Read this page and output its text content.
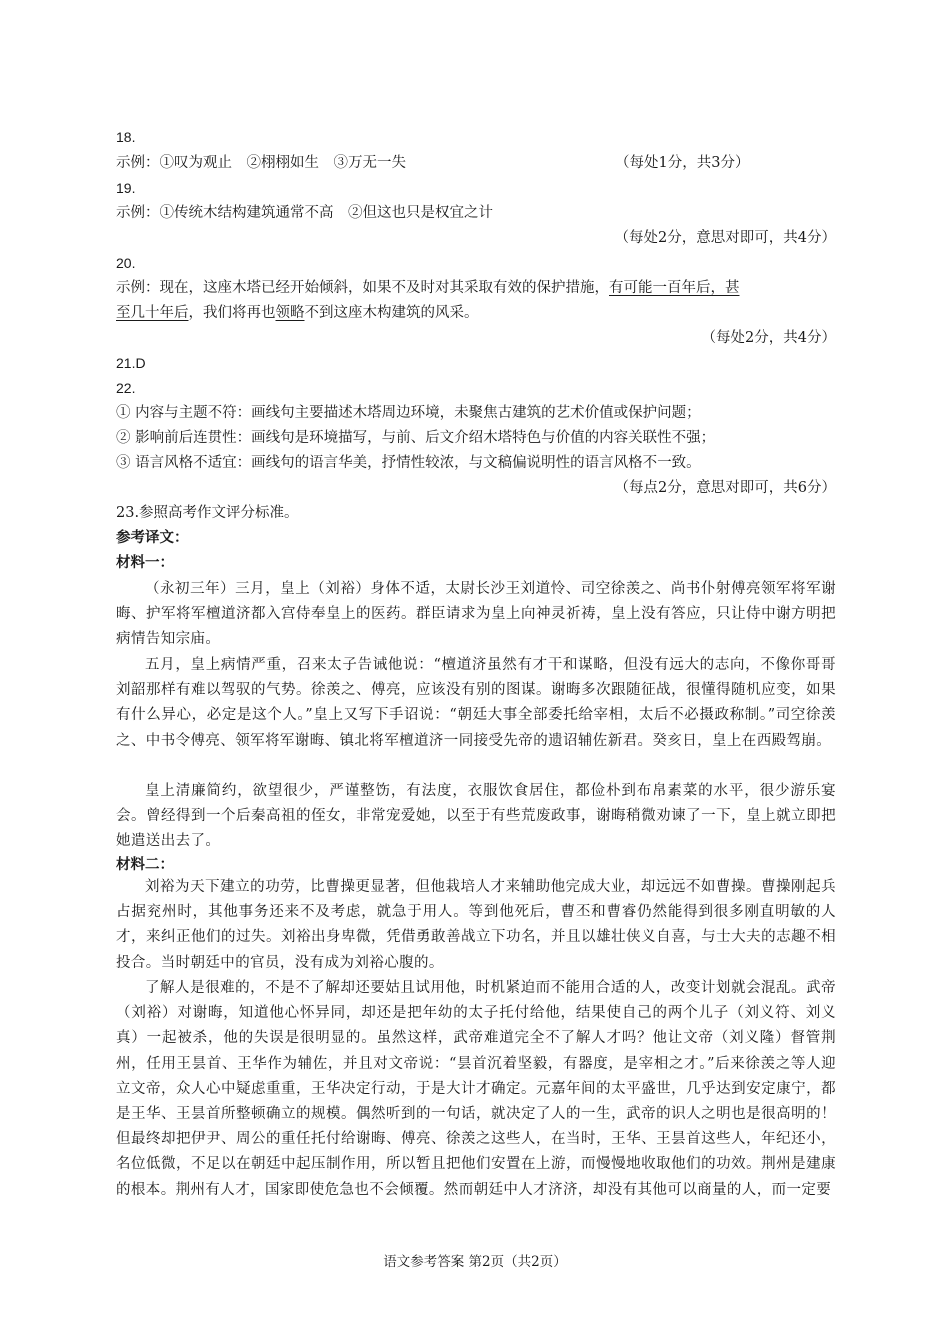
18.
示例：①叹为观止　②栩栩如生　③万无一失	（每处1分，共3分）
19.
示例：①传统木结构建筑通常不高　②但这也只是权宜之计
（每处2分，意思对即可，共4分）
20.
示例：现在，这座木塔已经开始倾斜，如果不及时对其采取有效的保护措施，有可能一百年后，甚
至几十年后，我们将再也领略不到这座木构建筑的风采。
（每处2分，共4分）
21.D
22.
① 内容与主题不符：画线句主要描述木塔周边环境，未聚焦古建筑的艺术价值或保护问题；
② 影响前后连贯性：画线句是环境描写，与前、后文介绍木塔特色与价值的内容关联性不强；
③ 语言风格不适宜：画线句的语言华美，抒情性较浓，与文稿偏说明性的语言风格不一致。
（每点2分，意思对即可，共6分）
23.参照高考作文评分标准。
参考译文：
材料一：
（永初三年）三月，皇上（刘裕）身体不适，太尉长沙王刘道怜、司空徐羡之、尚书仆射傅亮领军将军谢晦、护军将军檀道济都入宫侍奉皇上的医药。群臣请求为皇上向神灵祈祷，皇上没有答应，只让侍中谢方明把病情告知宗庙。
五月，皇上病情严重，召来太子告诫他说：“檀道济虽然有才干和谋略，但没有远大的志向，不像你哥哥刘韶那样有难以驾驭的气势。徐羡之、傅亮，应该没有别的图谋。谢晦多次跟随征战，很懂得随机应变，如果有什么异心，必定是这个人。”皇上又写下手诏说：“朝廷大事全部委托给宰相，太后不必摄政称制。”司空徐羡之、中书令傅亮、领军将军谢晦、镇北将军檀道济一同接受先帝的遗诏辅佐新君。癸亥日，皇上在西殿驾崩。
皇上清廉简约，欲望很少，严谨整饬，有法度，衣服饮食居住，都俭朴到布帛素菜的水平，很少游乐宴会。曾经得到一个后秦高祖的侄女，非常宠爱她，以至于有些荒废政事，谢晦稍微劝谏了一下，皇上就立即把她遣送出去了。
材料二：
刘裕为天下建立的功劳，比曹操更显著，但他栽培人才来辅助他完成大业，却远远不如曹操。曹操刚起兵占据兖州时，其他事务还来不及考虑，就急于用人。等到他死后，曹丕和曹睿仍然能得到很多刚直明敏的人才，来纠正他们的过失。刘裕出身卑微，凭借勇敢善战立下功名，并且以雄壮侠义自喜，与士大夫的志趣不相投合。当时朝廷中的官员，没有成为刘裕心腹的。
了解人是很难的，不是不了解却还要姑且试用他，时机紧迫而不能用合适的人，改变计划就会混乱。武帝（刘裕）对谢晦，知道他心怀异同，却还是把年幼的太子托付给他，结果使自己的两个儿子（刘义符、刘义真）一起被杀，他的失误是很明显的。虽然这样，武帝难道完全不了解人才吗？他让文帝（刘义隆）督管荆州，任用王昙首、王华作为辅佐，并且对文帝说：“昙首沉着坚毅，有器度，是宰相之才。”后来徐羡之等人迎立文帝，众人心中疑虑重重，王华决定行动，于是大计才确定。元嘉年间的太平盛世，几乎达到安定康宁，都是王华、王昙首所整顿确立的规模。偶然听到的一句话，就决定了人的一生，武帝的识人之明也是很高明的！但最终却把伊尹、周公的重任托付给谢晦、傅亮、徐羡之这些人，在当时，王华、王昙首这些人，年纪还小，名位低微，不足以在朝廷中起压制作用，所以暂且把他们安置在上游，而慢慢地收取他们的功效。荆州是建康的根本。荆州有人才，国家即使危急也不会倾覆。然而朝廷中人才济济，却没有其他可以商量的人，而一定要
语文参考答案 第2页（共2页）
